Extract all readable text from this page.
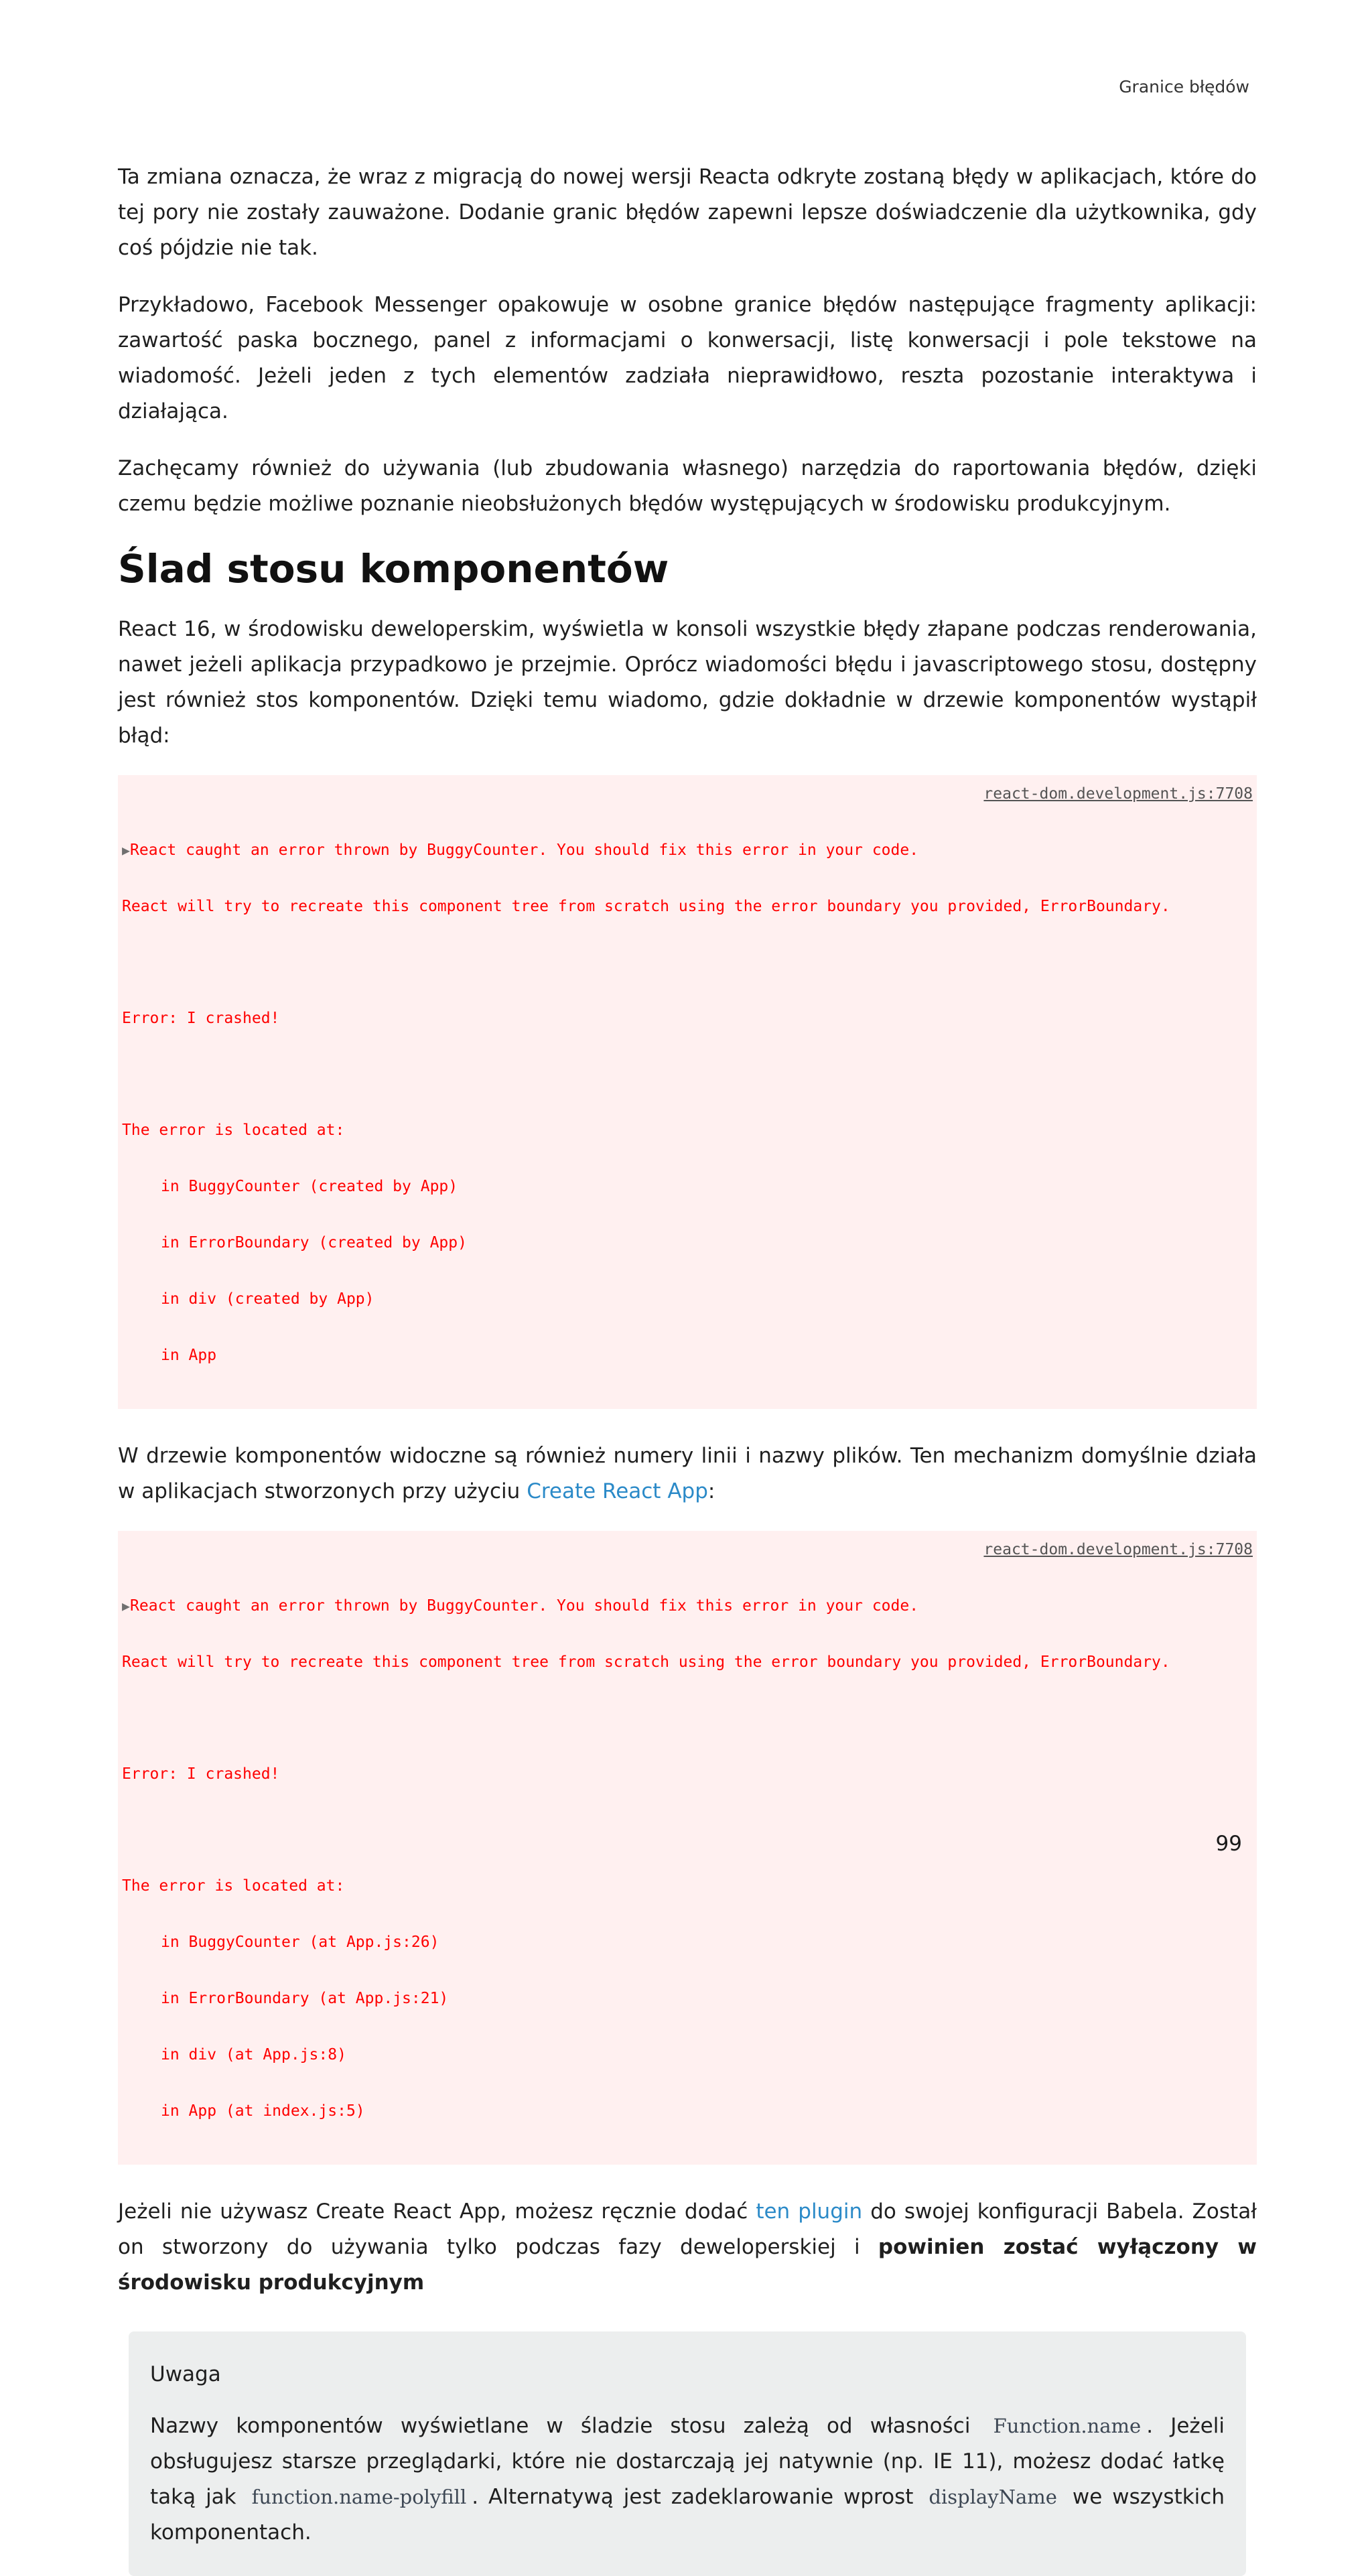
Granice błędów

Ta zmiana oznacza, że wraz z migracją do nowej wersji Reacta odkryte zostaną błędy w aplikacjach, które do tej pory nie zostały zauważone. Dodanie granic błędów zapewni lepsze doświadczenie dla użytkownika, gdy coś pójdzie nie tak.

Przykładowo, Facebook Messenger opakowuje w osobne granice błędów następujące fragmenty aplikacji: zawartość paska bocznego, panel z informacjami o konwersacji, listę konwersacji i pole tekstowe na wiadomość. Jeżeli jeden z tych elementów zadziała nieprawidłowo, reszta pozostanie interaktywa i działająca.

Zachęcamy również do używania (lub zbudowania własnego) narzędzia do raportowania błędów, dzięki czemu będzie możliwe poznanie nieobsłużonych błędów występujących w środowisku produkcyjnym.

Ślad stosu komponentów

React 16, w środowisku deweloperskim, wyświetla w konsoli wszystkie błędy złapane podczas renderowania, nawet jeżeli aplikacja przypadkowo je przejmie. Oprócz wiadomości błędu i javascriptowego stosu, dostępny jest również stos komponentów. Dzięki temu wiadomo, gdzie dokładnie w drzewie komponentów wystąpił błąd:

react-dom.development.js:7708

▶React caught an error thrown by BuggyCounter. You should fix this error in your code.

React will try to recreate this component tree from scratch using the error boundary you provided, ErrorBoundary.

Error: I crashed!

The error is located at:

in BuggyCounter (created by App)

in ErrorBoundary (created by App)

in div (created by App)

in App

W drzewie komponentów widoczne są również numery linii i nazwy plików. Ten mechanizm domyślnie działa w aplikacjach stworzonych przy użyciu Create React App:

react-dom.development.js:7708

▶React caught an error thrown by BuggyCounter. You should fix this error in your code.

React will try to recreate this component tree from scratch using the error boundary you provided, ErrorBoundary.

Error: I crashed!

The error is located at:

in BuggyCounter (at App.js:26)

in ErrorBoundary (at App.js:21)

in div (at App.js:8)

in App (at index.js:5)

Jeżeli nie używasz Create React App, możesz ręcznie dodać ten plugin do swojej konfiguracji Babela. Został on stworzony do używania tylko podczas fazy deweloperskiej i powinien zostać wyłączony w środowisku produkcyjnym

Uwaga

Nazwy komponentów wyświetlane w śladzie stosu zależą od własności Function.name . Jeżeli obsługujesz starsze przeglądarki, które nie dostarczają jej natywnie (np. IE 11), możesz dodać łatkę taką jak function.name-polyfill . Alternatywą jest zadeklarowanie wprost displayName we wszystkich komponentach.

99
